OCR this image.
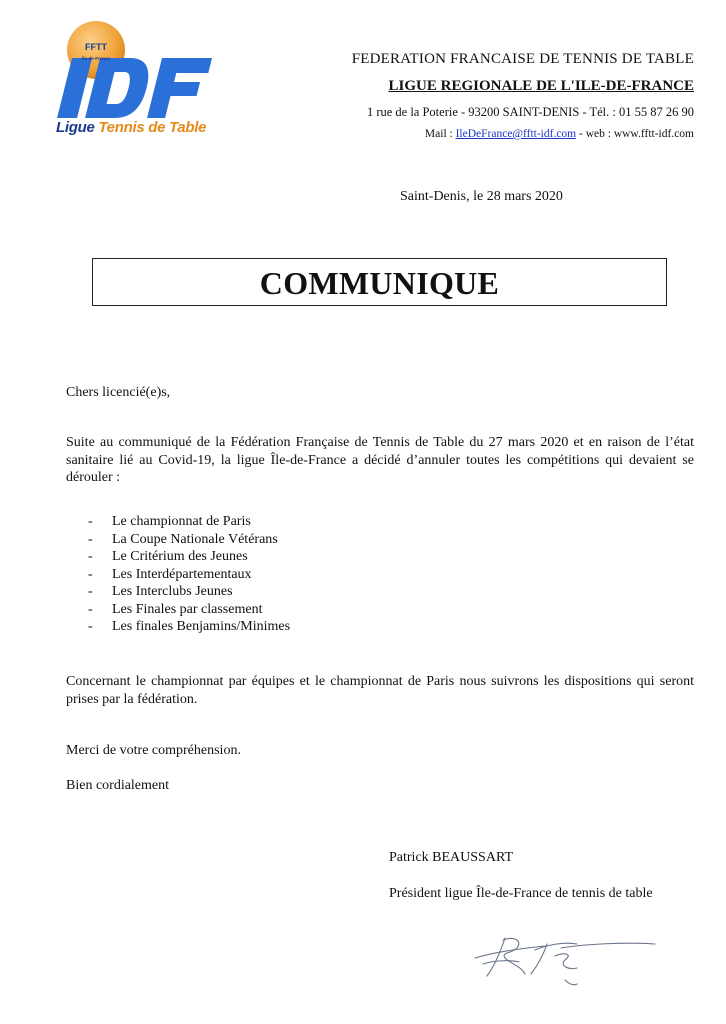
FFTT
Île-de-France
Ligue Tennis de Table
FEDERATION FRANCAISE DE TENNIS DE TABLE
LIGUE REGIONALE DE L'ILE-DE-FRANCE
1 rue de la Poterie - 93200 SAINT-DENIS - Tél. : 01 55 87 26 90
Mail : IleDeFrance@fftt-idf.com - web : www.fftt-idf.com
Saint-Denis, le 28 mars 2020
COMMUNIQUE
Chers licencié(e)s,
Suite au communiqué de la Fédération Française de Tennis de Table du 27 mars 2020 et en raison de l’état sanitaire lié au Covid-19, la ligue Île-de-France a décidé d’annuler toutes les compétitions qui devaient se dérouler :
- Le championnat de Paris
- La Coupe Nationale Vétérans
- Le Critérium des Jeunes
- Les Interdépartementaux
- Les Interclubs Jeunes
- Les Finales par classement
- Les finales Benjamins/Minimes
Concernant le championnat par équipes et le championnat de Paris nous suivrons les dispositions qui seront prises par la fédération.
Merci de votre compréhension.
Bien cordialement
Patrick BEAUSSART
Président ligue Île-de-France de tennis de table
